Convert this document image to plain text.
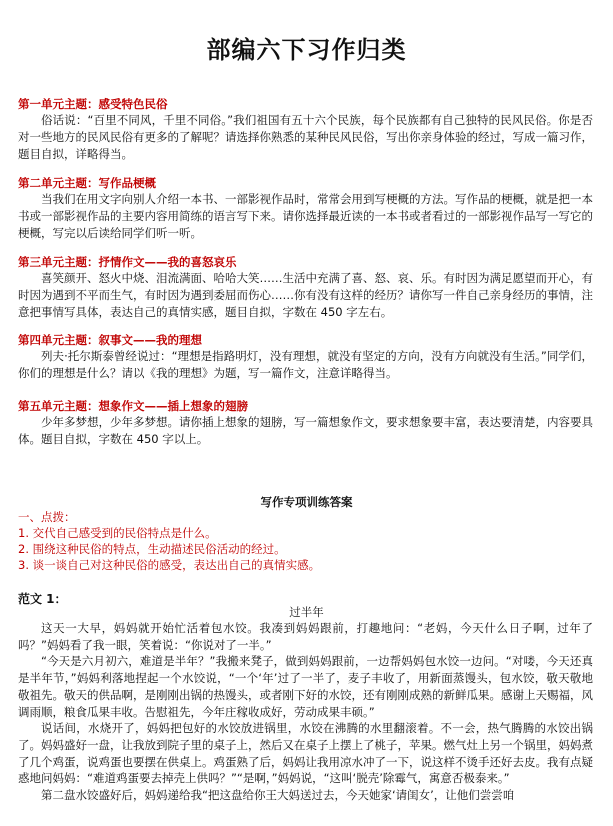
部编六下习作归类
第一单元主题：感受特色民俗

俗话说：“百里不同风，千里不同俗。”我们祖国有五十六个民族，每个民族都有自己独特的民风民俗。你是否对一些地方的民风民俗有更多的了解呢？请选择你熟悉的某种民风民俗，写出你亲身体验的经过，写成一篇习作，题目自拟，详略得当。

第二单元主题：写作品梗概

当我们在用文字向别人介绍一本书、一部影视作品时，常常会用到写梗概的方法。写作品的梗概，就是把一本书或一部影视作品的主要内容用简练的语言写下来。请你选择最近读的一本书或者看过的一部影视作品写一写它的梗概，写完以后读给同学们听一听。

第三单元主题：抒情作文——我的喜怒哀乐

喜笑颜开、怒火中烧、泪流满面、哈哈大笑……生活中充满了喜、怒、哀、乐。有时因为满足愿望而开心，有时因为遇到不平而生气，有时因为遇到委屈而伤心……你有没有这样的经历？请你写一件自己亲身经历的事情，注意把事情写具体，表达自己的真情实感，题目自拟，字数在 450 字左右。

第四单元主题：叙事文——我的理想

列夫·托尔斯泰曾经说过：“理想是指路明灯，没有理想，就没有坚定的方向，没有方向就没有生活。”同学们，你们的理想是什么？请以《我的理想》为题，写一篇作文，注意详略得当。

第五单元主题：想象作文——插上想象的翅膀

少年多梦想，少年多梦想。请你插上想象的翅膀，写一篇想象作文，要求想象要丰富，表达要清楚，内容要具体。题目自拟，字数在 450 字以上。

写作专项训练答案
一、点拨：
1. 交代自己感受到的民俗特点是什么。
2. 围绕这种民俗的特点，生动描述民俗活动的经过。
3. 谈一谈自己对这种民俗的感受，表达出自己的真情实感。
范文 1：
过半年

这天一大早，妈妈就开始忙活着包水饺。我凑到妈妈跟前，打趣地问：“老妈，今天什么日子啊，过年了吗？”妈妈看了我一眼，笑着说：“你说对了一半。”

“今天是六月初六，难道是半年？”我搬来凳子，做到妈妈跟前，一边帮妈妈包水饺一边问。“对喽，今天还真是半年节，”妈妈利落地捏起一个水饺说，“一个‘年’过了一半了，麦子丰收了，用新面蒸馒头，包水饺，敬天敬地敬祖先。敬天的供品啊，是刚刚出锅的热馒头，或者刚下好的水饺，还有刚刚成熟的新鲜瓜果。感谢上天赐福，风调雨顺，粮食瓜果丰收。告慰祖先，今年庄稼收成好，劳动成果丰硕。”

说话间，水烧开了，妈妈把包好的水饺放进锅里，水饺在沸腾的水里翻滚着。不一会，热气腾腾的水饺出锅了。妈妈盛好一盘，让我放到院子里的桌子上，然后又在桌子上摆上了桃子，苹果。燃气灶上另一个锅里，妈妈煮了几个鸡蛋，说鸡蛋也要摆在供桌上。鸡蛋熟了后，妈妈让我用凉水冲了一下，说这样不烫手还好去皮。我有点疑惑地问妈妈：“难道鸡蛋要去掉壳上供吗？”“是啊，”妈妈说，“这叫‘脱壳’除霉气，寓意否极泰来。”

第二盘水饺盛好后，妈妈递给我“把这盘给你王大妈送过去，今天她家‘请闺女’，让他们尝尝咱
